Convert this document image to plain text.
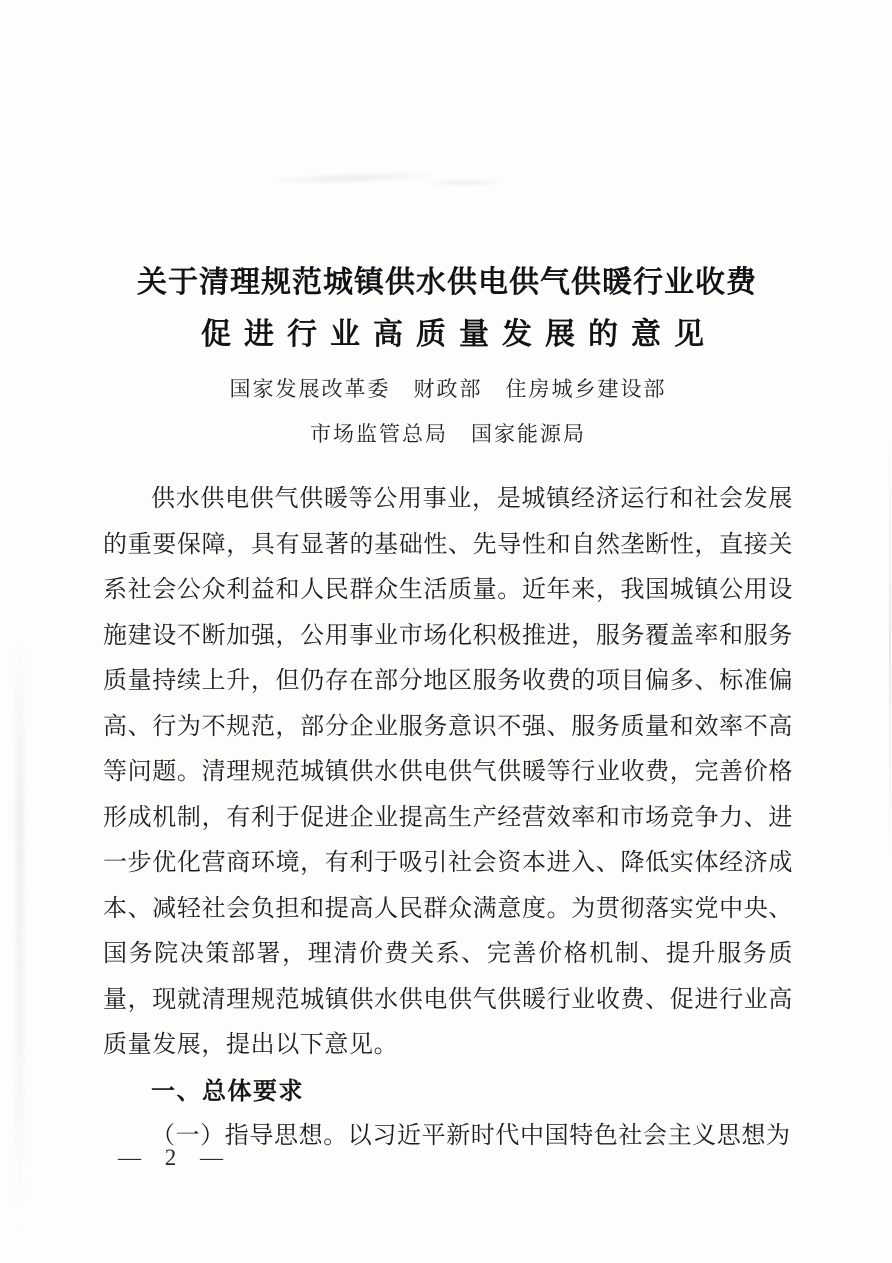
关于清理规范城镇供水供电供气供暖行业收费
促进行业高质量发展的意见
国家发展改革委　财政部　住房城乡建设部
市场监管总局　国家能源局

供水供电供气供暖等公用事业，是城镇经济运行和社会发展的重要保障，具有显著的基础性、先导性和自然垄断性，直接关系社会公众利益和人民群众生活质量。近年来，我国城镇公用设施建设不断加强，公用事业市场化积极推进，服务覆盖率和服务质量持续上升，但仍存在部分地区服务收费的项目偏多、标准偏高、行为不规范，部分企业服务意识不强、服务质量和效率不高等问题。清理规范城镇供水供电供气供暖等行业收费，完善价格形成机制，有利于促进企业提高生产经营效率和市场竞争力、进一步优化营商环境，有利于吸引社会资本进入、降低实体经济成本、减轻社会负担和提高人民群众满意度。为贯彻落实党中央、国务院决策部署，理清价费关系、完善价格机制、提升服务质量，现就清理规范城镇供水供电供气供暖行业收费、促进行业高质量发展，提出以下意见。

一、总体要求

（一）指导思想。以习近平新时代中国特色社会主义思想为

— 2 —
